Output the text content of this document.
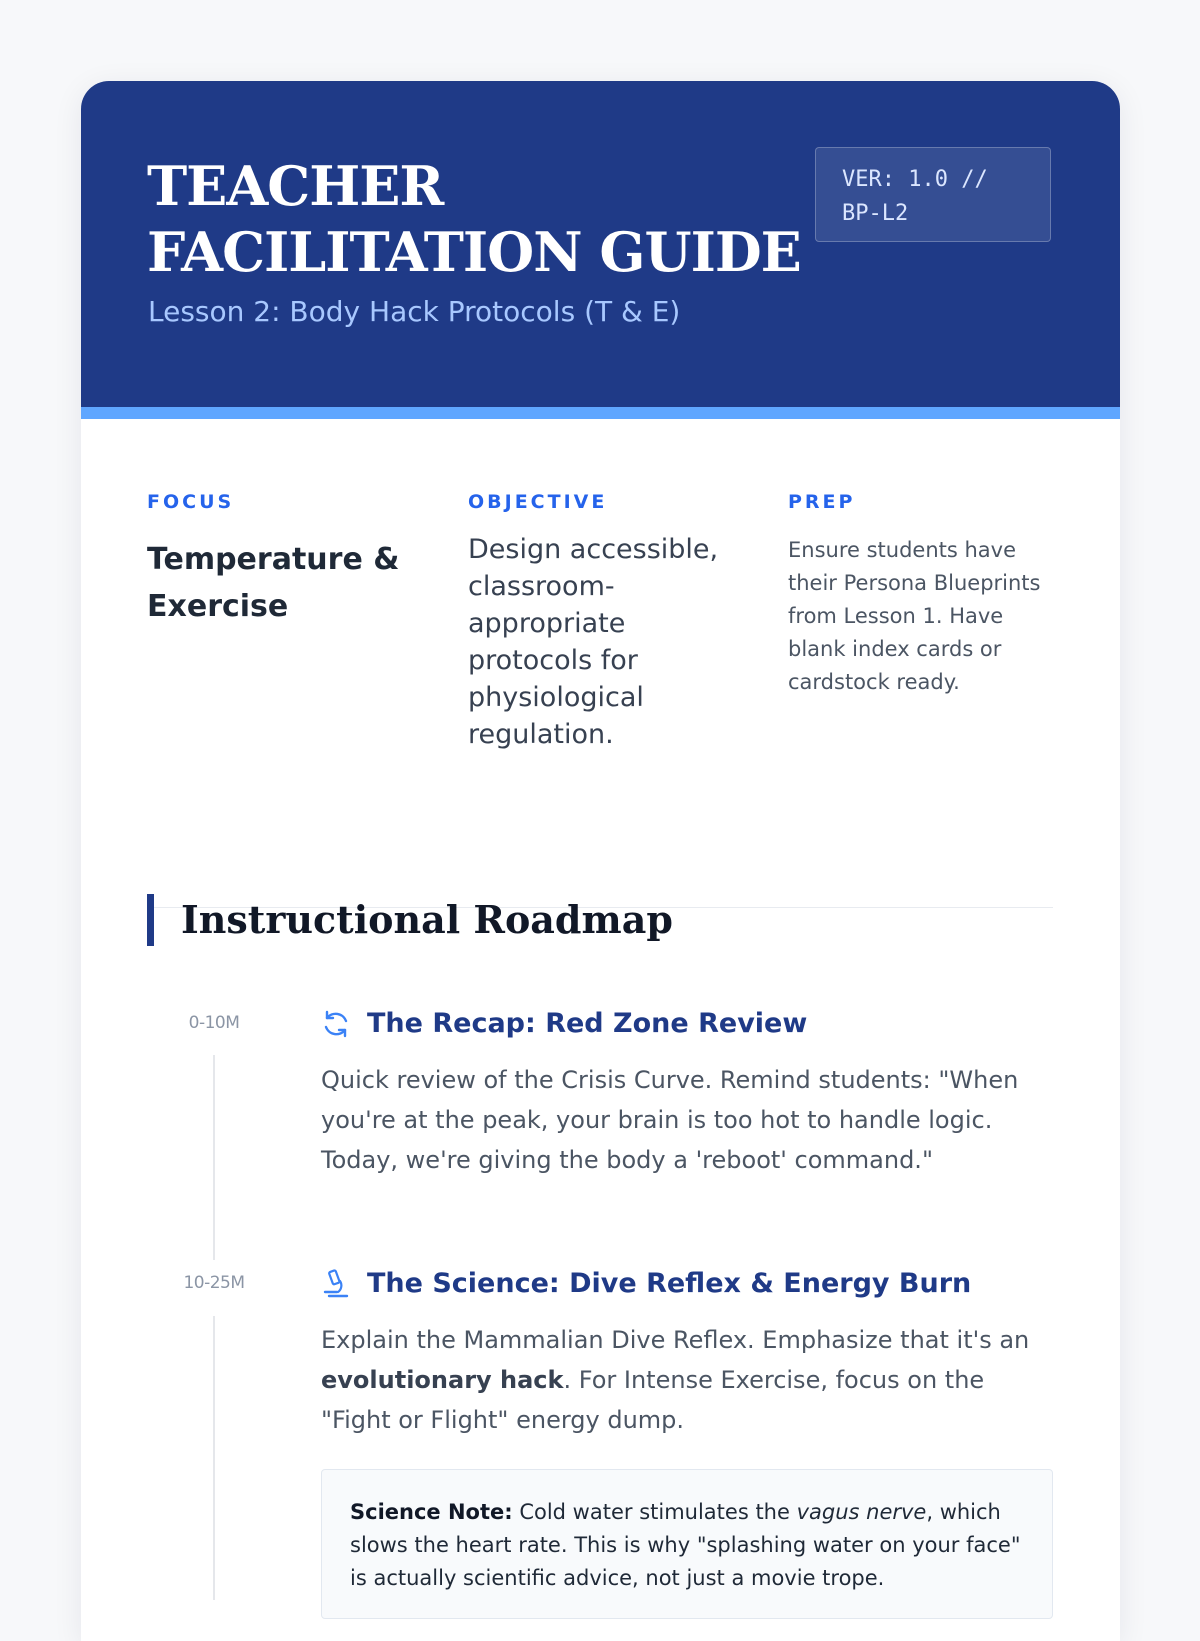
TEACHER
FACILITATION GUIDE

Lesson 2: Body Hack Protocols (T & E)

VER: 1.0 //
BP-L2

FOCUS

Temperature & Exercise

OBJECTIVE

Design accessible, classroom-appropriate protocols for physiological regulation.

PREP

Ensure students have their Persona Blueprints from Lesson 1. Have blank index cards or cardstock ready.

Instructional Roadmap
0-10M	The Recap: Red Zone Review

Quick review of the Crisis Curve. Remind students: "When you're at the peak, your brain is too hot to handle logic. Today, we're giving the body a 'reboot' command."

10-25M	The Science: Dive Reflex & Energy Burn

Explain the Mammalian Dive Reflex. Emphasize that it's an evolutionary hack. For Intense Exercise, focus on the "Fight or Flight" energy dump.

Science Note: Cold water stimulates the vagus nerve, which slows the heart rate. This is why "splashing water on your face" is actually scientific advice, not just a movie trope.
